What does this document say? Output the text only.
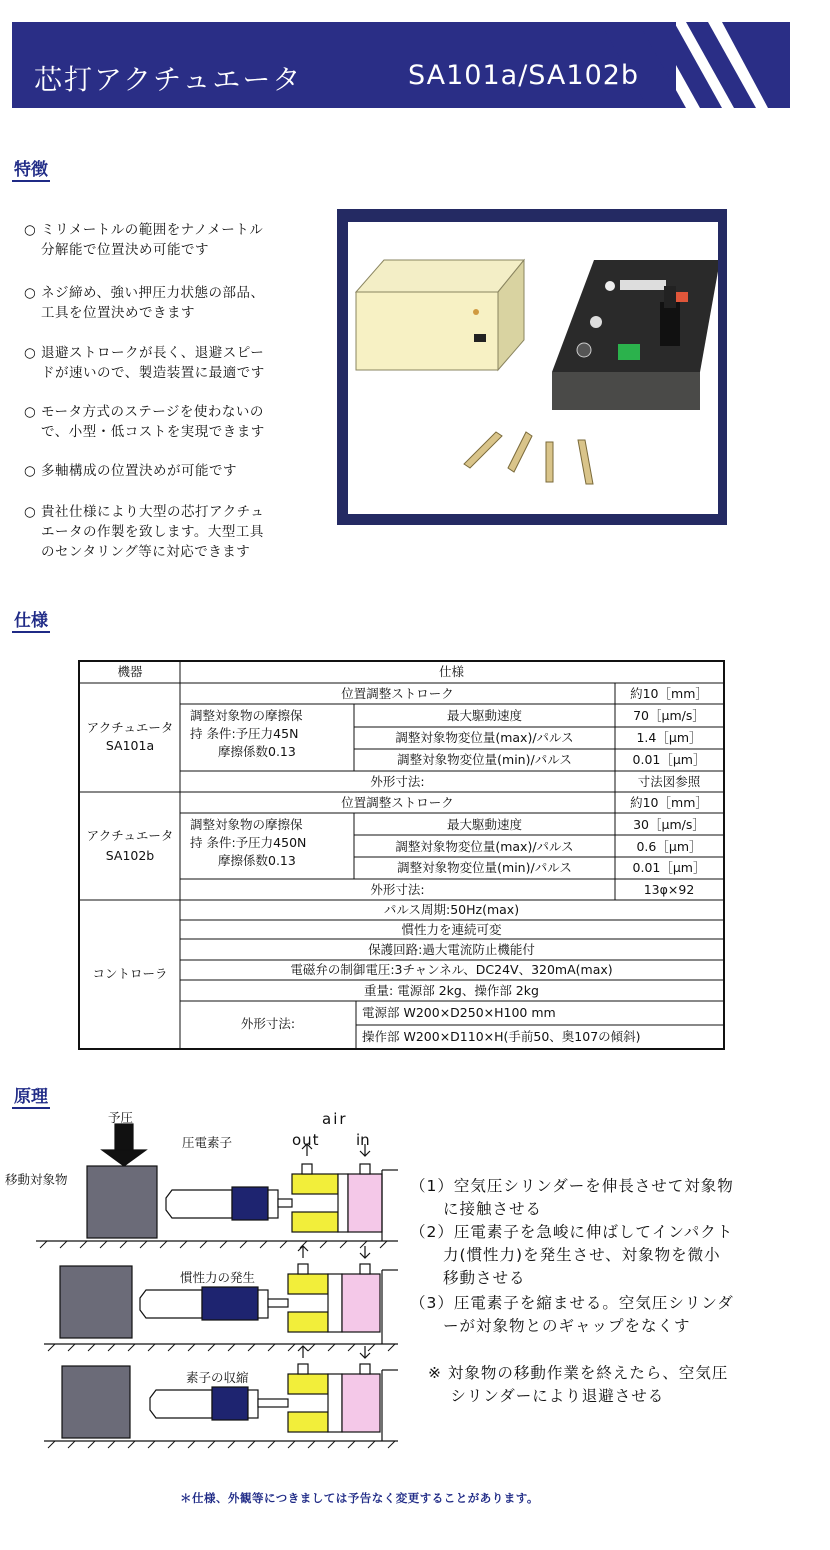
芯打アクチュエータ	SA101a/SA102b
特徴
○ ミリメートルの範囲をナノメートル
分解能で位置決め可能です
○ ネジ締め、強い押圧力状態の部品、
工具を位置決めできます
○ 退避ストロークが長く、退避スピー
ドが速いので、製造装置に最適です
○ モータ方式のステージを使わないの
で、小型・低コストを実現できます
○ 多軸構成の位置決めが可能です
○ 貴社仕様により大型の芯打アクチュ
エータの作製を致します。大型工具
のセンタリング等に対応できます
仕様
機器	仕様
アクチュエータ
SA101a
位置調整ストローク	約10［mm］
調整対象物の摩擦保
持 条件:予圧力45N
摩擦係数0.13
最大駆動速度	70［μm/s］
調整対象物変位量(max)/パルス	1.4［μm］
調整対象物変位量(min)/パルス	0.01［μm］
外形寸法:	寸法図参照
アクチュエータ
SA102b
位置調整ストローク	約10［mm］
調整対象物の摩擦保
持 条件:予圧力450N
摩擦係数0.13
最大駆動速度	30［μm/s］
調整対象物変位量(max)/パルス	0.6［μm］
調整対象物変位量(min)/パルス	0.01［μm］
外形寸法:	13φ×92
コントローラ
パルス周期:50Hz(max)
慣性力を連続可変
保護回路:過大電流防止機能付
電磁弁の制御電圧:3チャンネル、DC24V、320mA(max)
重量: 電源部 2kg、操作部 2kg
外形寸法:
電源部 W200×D250×H100 mm
操作部 W200×D110×H(手前50、奥107の傾斜)
原理
予圧
移動対象物
圧電素子
air
out in
慣性力の発生
素子の収縮
（1）空気圧シリンダーを伸長させて対象物
　　に接触させる
（2）圧電素子を急峻に伸ばしてインパクト
　　力(慣性力)を発生させ、対象物を微小
　　移動させる
（3）圧電素子を縮ませる。空気圧シリンダ
　　ーが対象物とのギャップをなくす
※ 対象物の移動作業を終えたら、空気圧
　 シリンダーにより退避させる
＊仕様、外観等につきましては予告なく変更することがあります。
